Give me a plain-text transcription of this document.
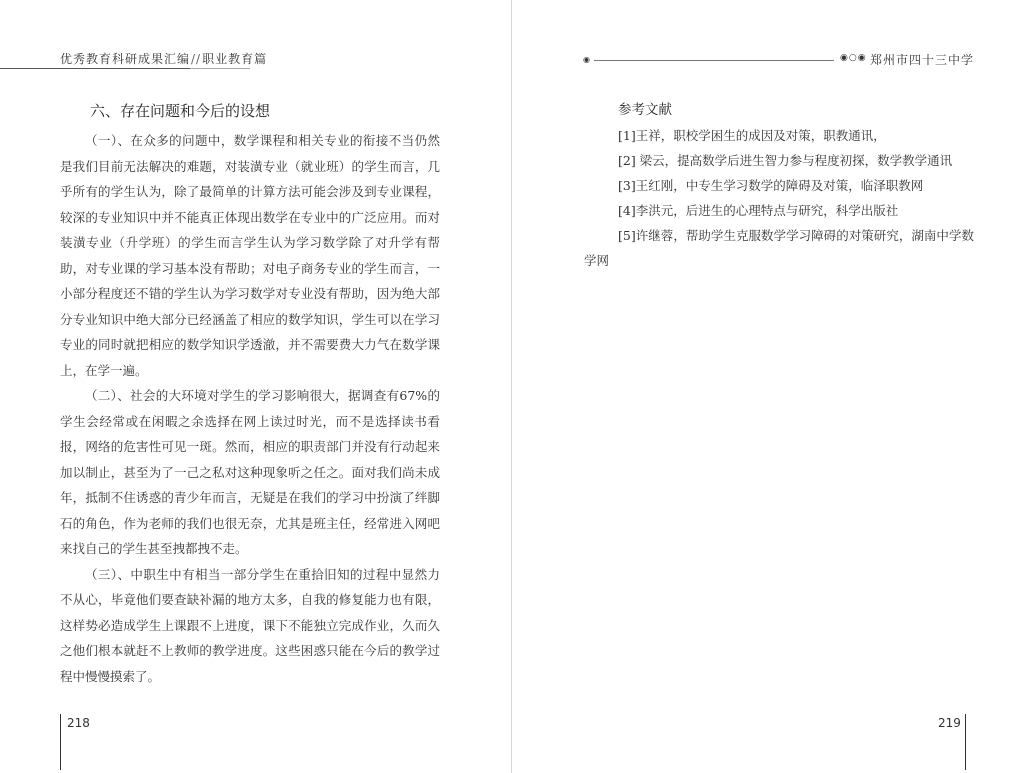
优秀教育科研成果汇编//职业教育篇
六、存在问题和今后的设想

（一）、在众多的问题中，数学课程和相关专业的衔接不当仍然是我们目前无法解决的难题，对装潢专业（就业班）的学生而言，几乎所有的学生认为，除了最简单的计算方法可能会涉及到专业课程，较深的专业知识中并不能真正体现出数学在专业中的广泛应用。而对装潢专业（升学班）的学生而言学生认为学习数学除了对升学有帮助，对专业课的学习基本没有帮助；对电子商务专业的学生而言，一小部分程度还不错的学生认为学习数学对专业没有帮助，因为绝大部分专业知识中绝大部分已经涵盖了相应的数学知识，学生可以在学习专业的同时就把相应的数学知识学透澈，并不需要费大力气在数学课上，在学一遍。

（二）、社会的大环境对学生的学习影响很大，据调查有67%的学生会经常或在闲暇之余选择在网上读过时光，而不是选择读书看报，网络的危害性可见一斑。然而，相应的职责部门并没有行动起来加以制止，甚至为了一己之私对这种现象听之任之。面对我们尚未成年，抵制不住诱惑的青少年而言，无疑是在我们的学习中扮演了绊脚石的角色，作为老师的我们也很无奈，尤其是班主任，经常进入网吧来找自己的学生甚至拽都拽不走。

（三）、中职生中有相当一部分学生在重拾旧知的过程中显然力不从心，毕竟他们要查缺补漏的地方太多，自我的修复能力也有限，这样势必造成学生上课跟不上进度，课下不能独立完成作业，久而久之他们根本就赶不上教师的教学进度。这些困惑只能在今后的教学过程中慢慢摸索了。

218
◉	◉○◉ 郑州市四十三中学
参考文献
[1]王祥，职校学困生的成因及对策，职教通讯，
[2] 梁云，提高数学后进生智力参与程度初探，数学教学通讯
[3]王红刚，中专生学习数学的障碍及对策，临泽职教网
[4]李洪元，后进生的心理特点与研究，科学出版社
[5]许继蓉，帮助学生克服数学学习障碍的对策研究，湖南中学数学网
219
